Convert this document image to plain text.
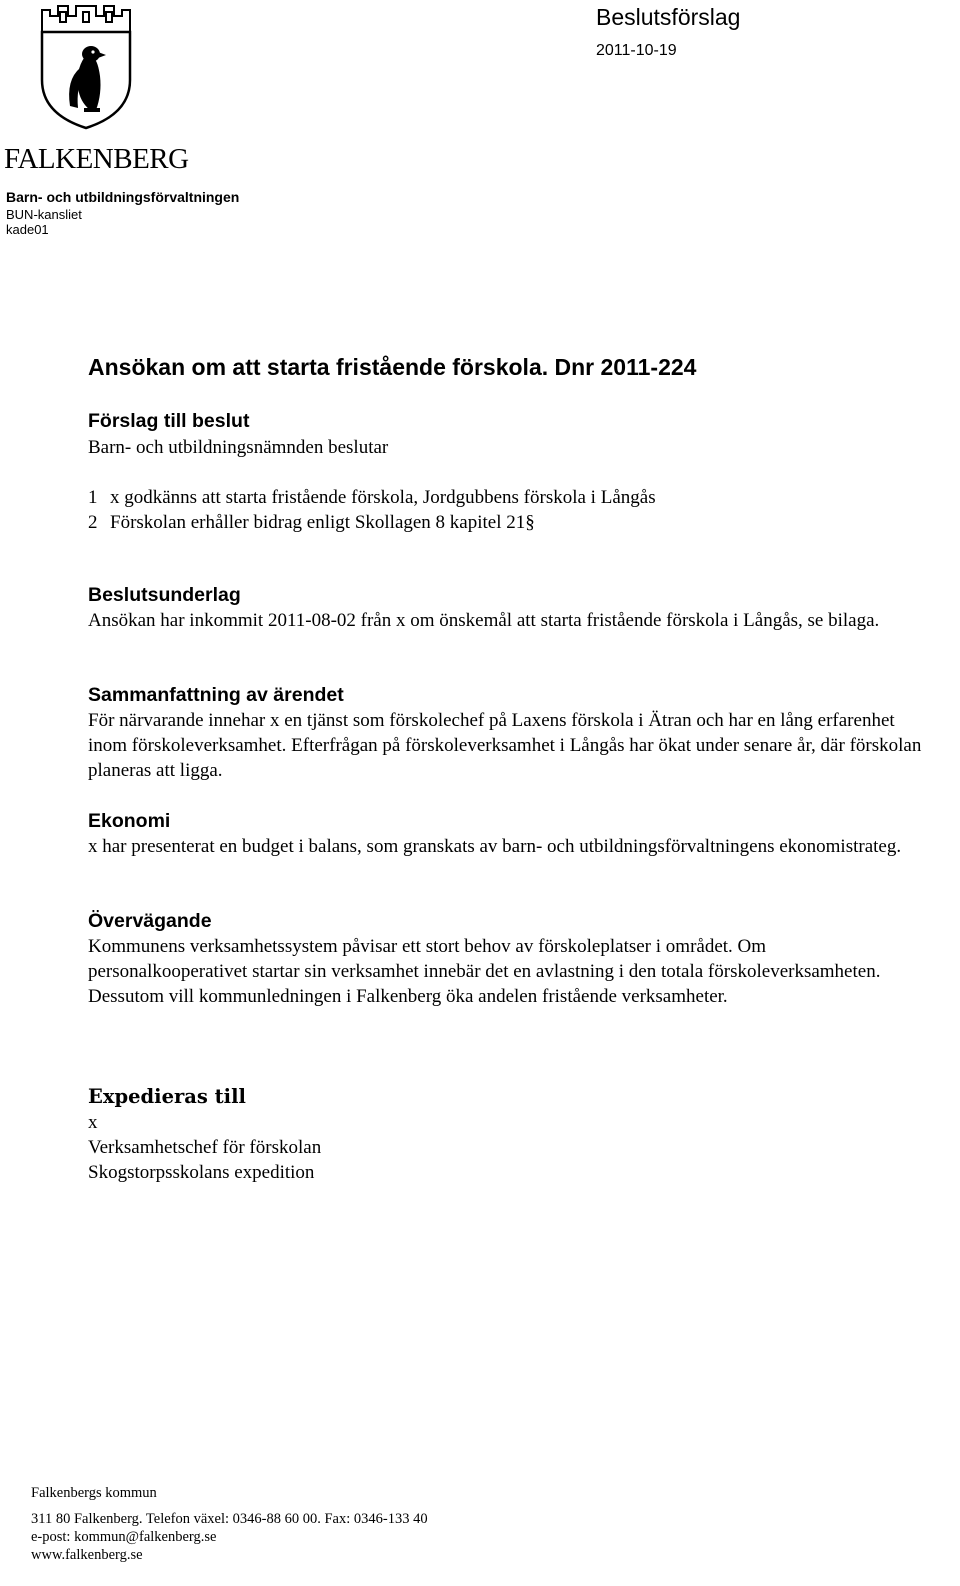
FALKENBERG
Barn- och utbildningsförvaltningen
BUN-kansliet
kade01
Beslutsförslag
2011-10-19
Ansökan om att starta fristående förskola. Dnr 2011-224
Förslag till beslut
Barn- och utbildningsnämnden beslutar
1 x godkänns att starta fristående förskola, Jordgubbens förskola i Långås
2 Förskolan erhåller bidrag enligt Skollagen 8 kapitel 21§
Beslutsunderlag
Ansökan har inkommit 2011-08-02 från x om önskemål att starta fristående förskola i Långås, se bilaga.
Sammanfattning av ärendet
För närvarande innehar x en tjänst som förskolechef på Laxens förskola i Ätran och har en lång erfarenhet inom förskoleverksamhet. Efterfrågan på förskoleverksamhet i Långås har ökat under senare år, där förskolan planeras att ligga.
Ekonomi
x har presenterat en budget i balans, som granskats av barn- och utbildningsförvaltningens ekonomistrateg.
Övervägande
Kommunens verksamhetssystem påvisar ett stort behov av förskoleplatser i området. Om personalkooperativet startar sin verksamhet innebär det en avlastning i den totala förskoleverksamheten. Dessutom vill kommunledningen i Falkenberg öka andelen fristående verksamheter.
Expedieras till
x
Verksamhetschef för förskolan
Skogstorpsskolans expedition
Falkenbergs kommun
311 80 Falkenberg. Telefon växel: 0346-88 60 00. Fax: 0346-133 40
e-post: kommun@falkenberg.se
www.falkenberg.se
